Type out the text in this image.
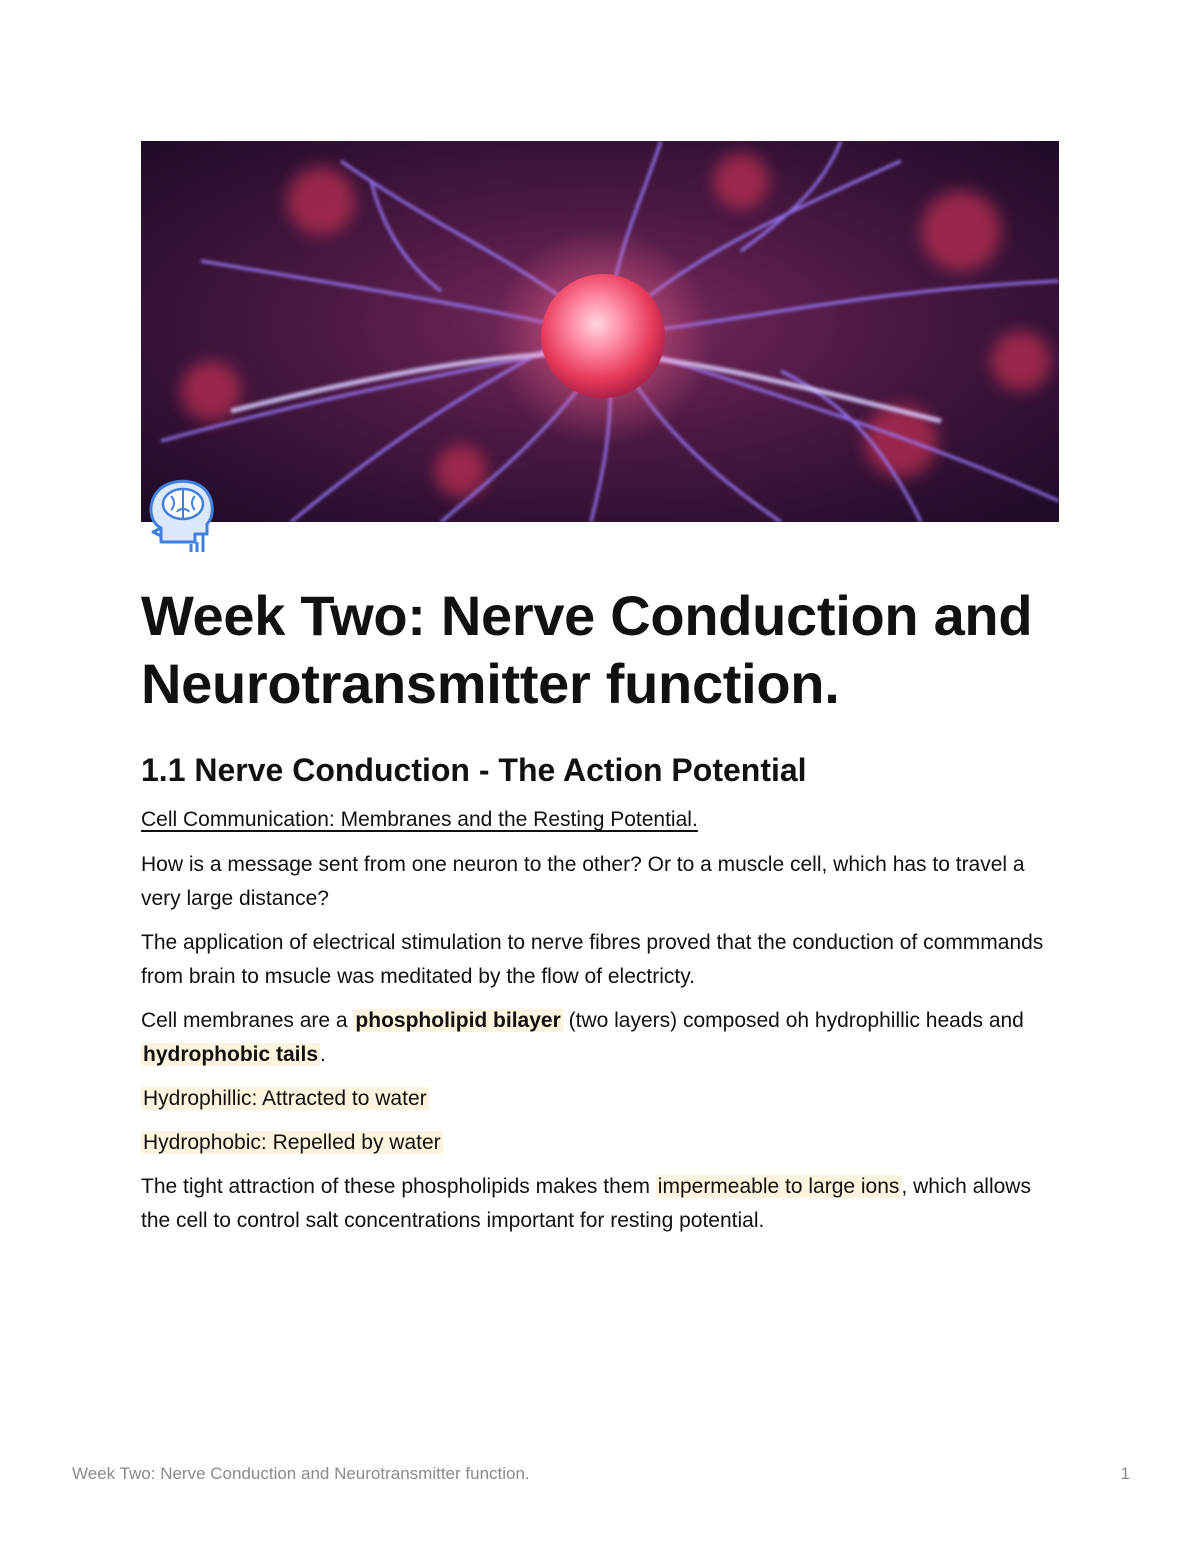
Week Two: Nerve Conduction and Neurotransmitter function.
1.1 Nerve Conduction - The Action Potential
Cell Communication: Membranes and the Resting Potential.

How is a message sent from one neuron to the other? Or to a muscle cell, which has to travel a very large distance?

The application of electrical stimulation to nerve fibres proved that the conduction of commmands from brain to msucle was meditated by the flow of electricty.

Cell membranes are a phospholipid bilayer (two layers) composed oh hydrophillic heads and hydrophobic tails.

Hydrophillic: Attracted to water

Hydrophobic: Repelled by water

The tight attraction of these phospholipids makes them impermeable to large ions, which allows the cell to control salt concentrations important for resting potential.

Week Two: Nerve Conduction and Neurotransmitter function.	1
